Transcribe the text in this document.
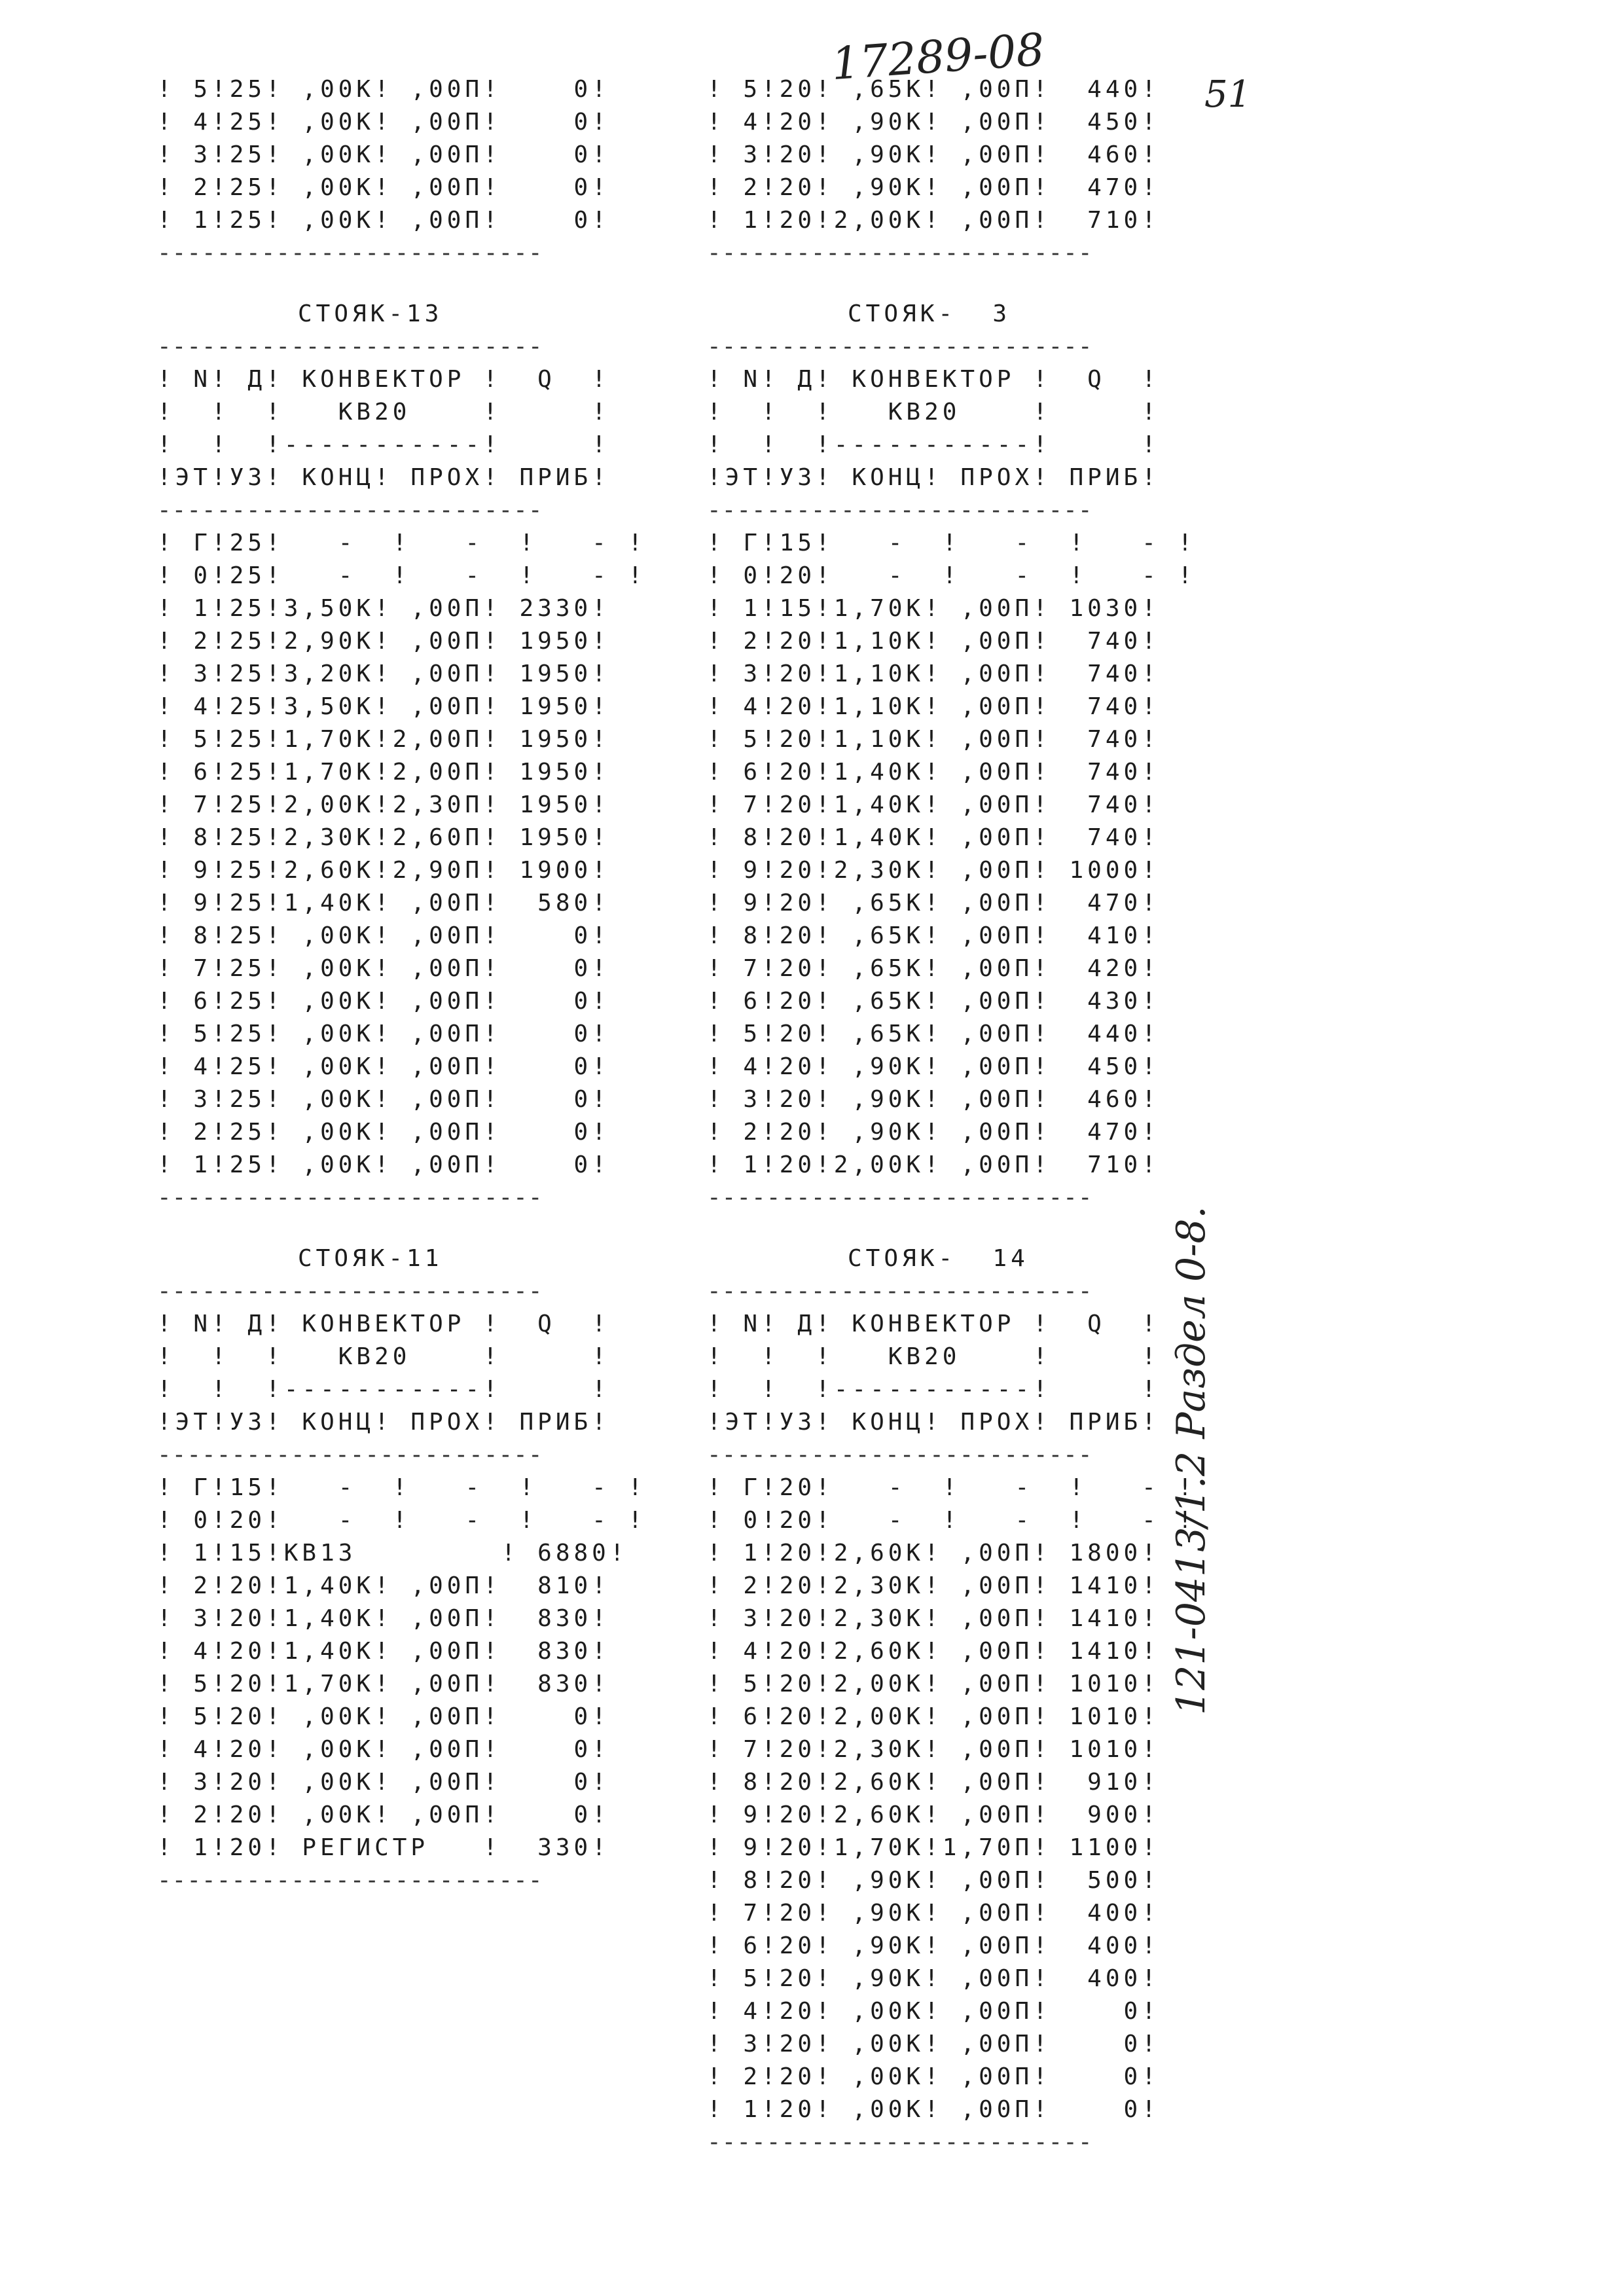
17289-08
51
121-0413/1.2 Раздел 0-8.
! 5!25! ,00К! ,00П!    0!
! 4!25! ,00К! ,00П!    0!
! 3!25! ,00К! ,00П!    0!
! 2!25! ,00К! ,00П!    0!
! 1!25! ,00К! ,00П!    0!
--------------------------
! 5!20! ,65К! ,00П!  440!
! 4!20! ,90К! ,00П!  450!
! 3!20! ,90К! ,00П!  460!
! 2!20! ,90К! ,00П!  470!
! 1!20!2,00К! ,00П!  710!
--------------------------
СТОЯК-13
--------------------------
! N! Д! КОНВЕКТОР !  Q  !
!  !  !   КВ20    !     !
!  !  !-----------!     !
!ЭТ!УЗ! КОНЦ! ПРОХ! ПРИБ!
--------------------------
! Г!25!   -  !   -  !   - !
! 0!25!   -  !   -  !   - !
! 1!25!3,50К! ,00П! 2330!
! 2!25!2,90К! ,00П! 1950!
! 3!25!3,20К! ,00П! 1950!
! 4!25!3,50К! ,00П! 1950!
! 5!25!1,70К!2,00П! 1950!
! 6!25!1,70К!2,00П! 1950!
! 7!25!2,00К!2,30П! 1950!
! 8!25!2,30К!2,60П! 1950!
! 9!25!2,60К!2,90П! 1900!
! 9!25!1,40К! ,00П!  580!
! 8!25! ,00К! ,00П!    0!
! 7!25! ,00К! ,00П!    0!
! 6!25! ,00К! ,00П!    0!
! 5!25! ,00К! ,00П!    0!
! 4!25! ,00К! ,00П!    0!
! 3!25! ,00К! ,00П!    0!
! 2!25! ,00К! ,00П!    0!
! 1!25! ,00К! ,00П!    0!
--------------------------
СТОЯК-  3
--------------------------
! N! Д! КОНВЕКТОР !  Q  !
!  !  !   КВ20    !     !
!  !  !-----------!     !
!ЭТ!УЗ! КОНЦ! ПРОХ! ПРИБ!
--------------------------
! Г!15!   -  !   -  !   - !
! 0!20!   -  !   -  !   - !
! 1!15!1,70К! ,00П! 1030!
! 2!20!1,10К! ,00П!  740!
! 3!20!1,10К! ,00П!  740!
! 4!20!1,10К! ,00П!  740!
! 5!20!1,10К! ,00П!  740!
! 6!20!1,40К! ,00П!  740!
! 7!20!1,40К! ,00П!  740!
! 8!20!1,40К! ,00П!  740!
! 9!20!2,30К! ,00П! 1000!
! 9!20! ,65К! ,00П!  470!
! 8!20! ,65К! ,00П!  410!
! 7!20! ,65К! ,00П!  420!
! 6!20! ,65К! ,00П!  430!
! 5!20! ,65К! ,00П!  440!
! 4!20! ,90К! ,00П!  450!
! 3!20! ,90К! ,00П!  460!
! 2!20! ,90К! ,00П!  470!
! 1!20!2,00К! ,00П!  710!
--------------------------
СТОЯК-11
--------------------------
! N! Д! КОНВЕКТОР !  Q  !
!  !  !   КВ20    !     !
!  !  !-----------!     !
!ЭТ!УЗ! КОНЦ! ПРОХ! ПРИБ!
--------------------------
! Г!15!   -  !   -  !   - !
! 0!20!   -  !   -  !   - !
! 1!15!КВ13        ! 6880!
! 2!20!1,40К! ,00П!  810!
! 3!20!1,40К! ,00П!  830!
! 4!20!1,40К! ,00П!  830!
! 5!20!1,70К! ,00П!  830!
! 5!20! ,00К! ,00П!    0!
! 4!20! ,00К! ,00П!    0!
! 3!20! ,00К! ,00П!    0!
! 2!20! ,00К! ,00П!    0!
! 1!20! РЕГИСТР   !  330!
--------------------------
СТОЯК-  14
--------------------------
! N! Д! КОНВЕКТОР !  Q  !
!  !  !   КВ20    !     !
!  !  !-----------!     !
!ЭТ!УЗ! КОНЦ! ПРОХ! ПРИБ!
--------------------------
! Г!20!   -  !   -  !   - !
! 0!20!   -  !   -  !   - !
! 1!20!2,60К! ,00П! 1800!
! 2!20!2,30К! ,00П! 1410!
! 3!20!2,30К! ,00П! 1410!
! 4!20!2,60К! ,00П! 1410!
! 5!20!2,00К! ,00П! 1010!
! 6!20!2,00К! ,00П! 1010!
! 7!20!2,30К! ,00П! 1010!
! 8!20!2,60К! ,00П!  910!
! 9!20!2,60К! ,00П!  900!
! 9!20!1,70К!1,70П! 1100!
! 8!20! ,90К! ,00П!  500!
! 7!20! ,90К! ,00П!  400!
! 6!20! ,90К! ,00П!  400!
! 5!20! ,90К! ,00П!  400!
! 4!20! ,00К! ,00П!    0!
! 3!20! ,00К! ,00П!    0!
! 2!20! ,00К! ,00П!    0!
! 1!20! ,00К! ,00П!    0!
--------------------------
